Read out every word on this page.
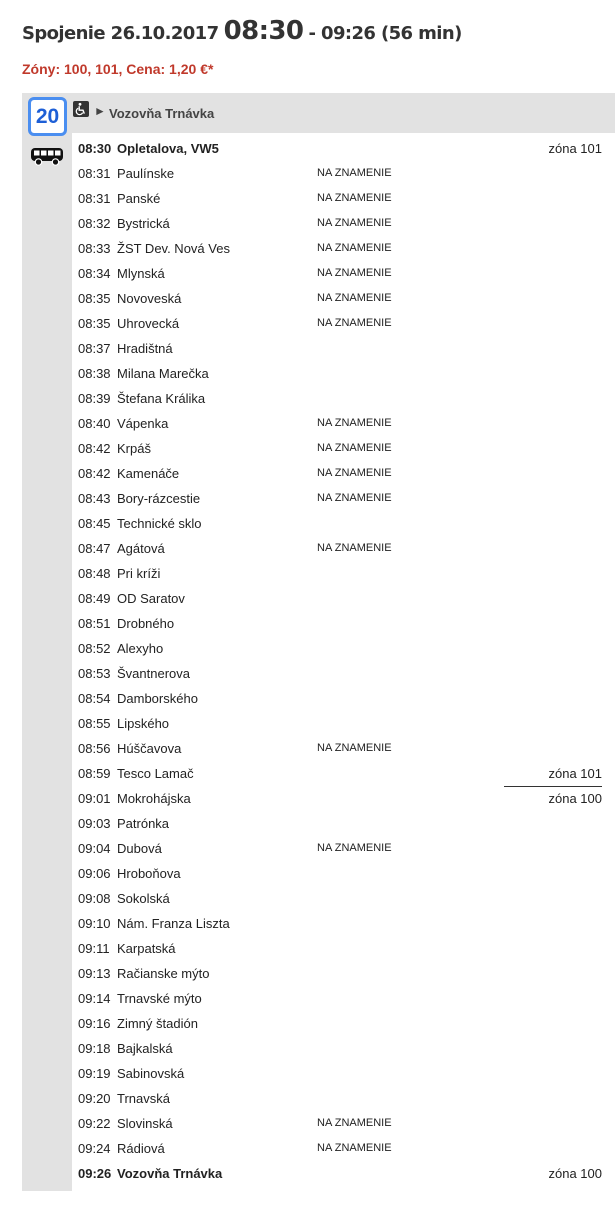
Spojenie 26.10.2017 08:30 - 09:26 (56 min)
Zóny: 100, 101, Cena: 1,20 €*
20	► Vozovňa Trnávka
08:30 Opletalova, VW5	zóna 101
08:31 Paulínske	NA ZNAMENIE
08:31 Panské	NA ZNAMENIE
08:32 Bystrická	NA ZNAMENIE
08:33 ŽST Dev. Nová Ves	NA ZNAMENIE
08:34 Mlynská	NA ZNAMENIE
08:35 Novoveská	NA ZNAMENIE
08:35 Uhrovecká	NA ZNAMENIE
08:37 Hradištná
08:38 Milana Marečka
08:39 Štefana Králika
08:40 Vápenka	NA ZNAMENIE
08:42 Krpáš	NA ZNAMENIE
08:42 Kamenáče	NA ZNAMENIE
08:43 Bory-rázcestie	NA ZNAMENIE
08:45 Technické sklo
08:47 Agátová	NA ZNAMENIE
08:48 Pri kríži
08:49 OD Saratov
08:51 Drobného
08:52 Alexyho
08:53 Švantnerova
08:54 Damborského
08:55 Lipského
08:56 Húščavova	NA ZNAMENIE
08:59 Tesco Lamač	zóna 101
09:01 Mokrohájska	zóna 100
09:03 Patrónka
09:04 Dubová	NA ZNAMENIE
09:06 Hroboňova
09:08 Sokolská
09:10 Nám. Franza Liszta
09:11 Karpatská
09:13 Račianske mýto
09:14 Trnavské mýto
09:16 Zimný štadión
09:18 Bajkalská
09:19 Sabinovská
09:20 Trnavská
09:22 Slovinská	NA ZNAMENIE
09:24 Rádiová	NA ZNAMENIE
09:26 Vozovňa Trnávka	zóna 100
